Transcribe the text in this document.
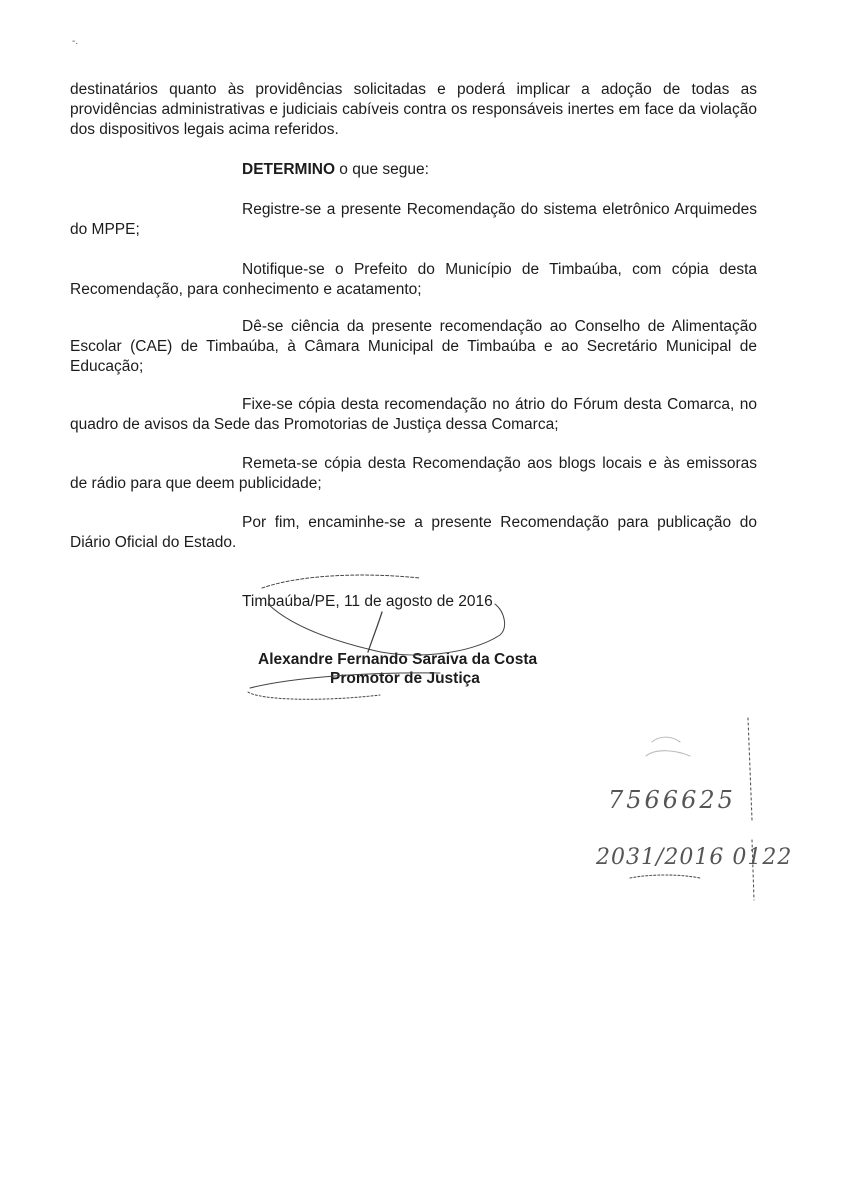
-.

destinatários quanto às providências solicitadas e poderá implicar a adoção de todas as providências administrativas e judiciais cabíveis contra os responsáveis inertes em face da violação dos dispositivos legais acima referidos.

DETERMINO o que segue:

Registre-se a presente Recomendação do sistema eletrônico Arquimedes do MPPE;

Notifique-se o Prefeito do Município de Timbaúba, com cópia desta Recomendação, para conhecimento e acatamento;

Dê-se ciência da presente recomendação ao Conselho de Alimentação Escolar (CAE) de Timbaúba, à Câmara Municipal de Timbaúba e ao Secretário Municipal de Educação;

Fixe-se cópia desta recomendação no átrio do Fórum desta Comarca, no quadro de avisos da Sede das Promotorias de Justiça dessa Comarca;

Remeta-se cópia desta Recomendação aos blogs locais e às emissoras de rádio para que deem publicidade;

Por fim, encaminhe-se a presente Recomendação para publicação do Diário Oficial do Estado.

Timbaúba/PE, 11 de agosto de 2016

Alexandre Fernando Saraiva da Costa

Promotor de Justiça

7566625
2031/2016 0122
